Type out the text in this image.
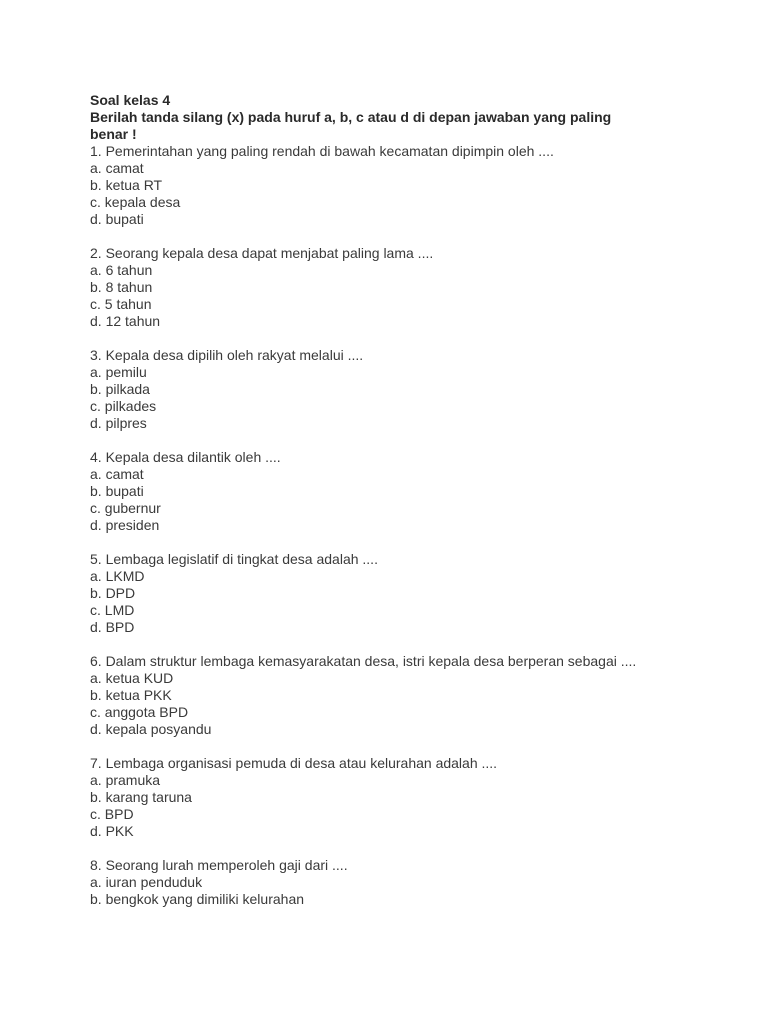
Soal kelas 4

Berilah tanda silang (x) pada huruf a, b, c atau d di depan jawaban yang paling benar !

1. Pemerintahan yang paling rendah di bawah kecamatan dipimpin oleh ....

a. camat

b. ketua RT

c. kepala desa

d. bupati

2. Seorang kepala desa dapat menjabat paling lama ....

a. 6 tahun

b. 8 tahun

c. 5 tahun

d. 12 tahun

3. Kepala desa dipilih oleh rakyat melalui ....

a. pemilu

b. pilkada

c. pilkades

d. pilpres

4. Kepala desa dilantik oleh ....

a. camat

b. bupati

c. gubernur

d. presiden

5. Lembaga legislatif di tingkat desa adalah ....

a. LKMD

b. DPD

c. LMD

d. BPD

6. Dalam struktur lembaga kemasyarakatan desa, istri kepala desa berperan sebagai ....

a. ketua KUD

b. ketua PKK

c. anggota BPD

d. kepala posyandu

7. Lembaga organisasi pemuda di desa atau kelurahan adalah ....

a. pramuka

b. karang taruna

c. BPD

d. PKK

8. Seorang lurah memperoleh gaji dari ....

a. iuran penduduk

b. bengkok yang dimiliki kelurahan
